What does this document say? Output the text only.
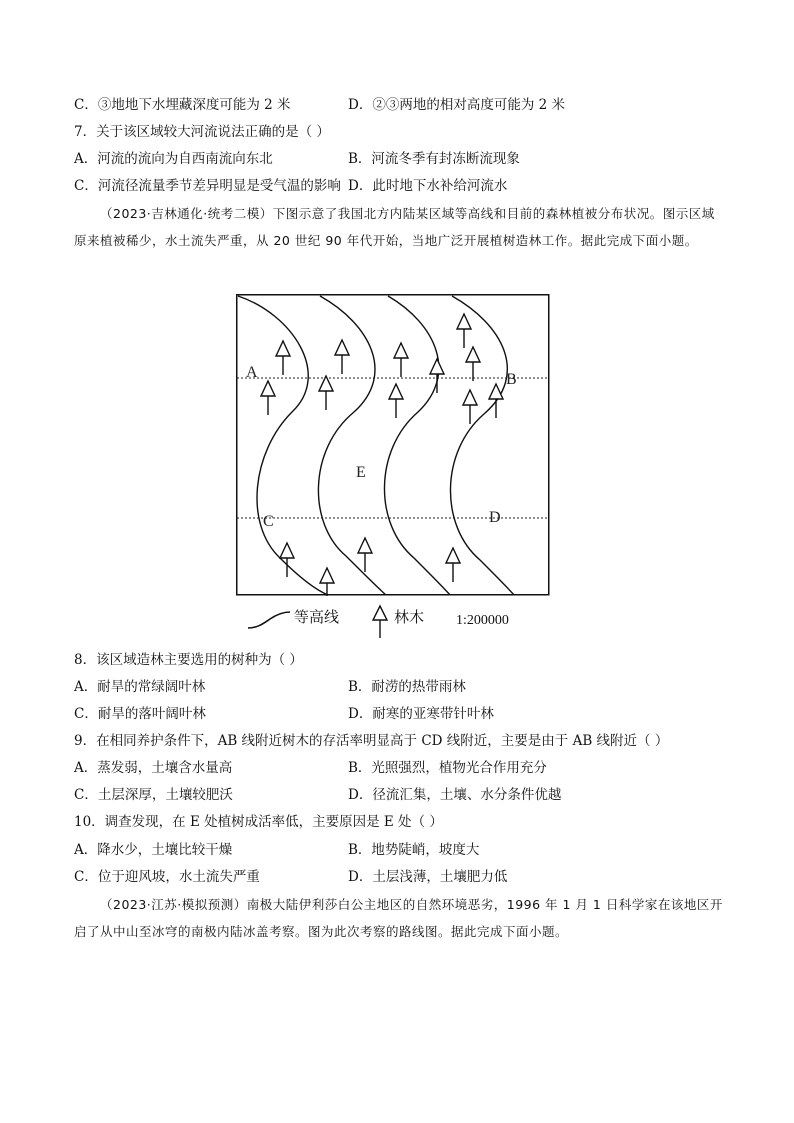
C．③地地下水埋藏深度可能为 2 米	D．②③两地的相对高度可能为 2 米
7．关于该区域较大河流说法正确的是（ ）
A．河流的流向为自西南流向东北	B．河流冬季有封冻断流现象
C．河流径流量季节差异明显是受气温的影响 D．此时地下水补给河流水
（2023·吉林通化·统考二模）下图示意了我国北方内陆某区域等高线和目前的森林植被分布状况。图示区域原来植被稀少，水土流失严重，从 20 世纪 90 年代开始，当地广泛开展植树造林工作。据此完成下面小题。
A	B
C	D
E
等高线	林木 1:200000
8．该区域造林主要选用的树种为（ ）
A．耐旱的常绿阔叶林	B．耐涝的热带雨林
C．耐旱的落叶阔叶林	D．耐寒的亚寒带针叶林
9．在相同养护条件下，AB 线附近树木的存活率明显高于 CD 线附近，主要是由于 AB 线附近（ ）
A．蒸发弱，土壤含水量高	B．光照强烈，植物光合作用充分
C．土层深厚，土壤较肥沃	D．径流汇集，土壤、水分条件优越
10．调查发现，在 E 处植树成活率低，主要原因是 E 处（ ）
A．降水少，土壤比较干燥	B．地势陡峭，坡度大
C．位于迎风坡，水土流失严重	D．土层浅薄，土壤肥力低
（2023·江苏·模拟预测）南极大陆伊利莎白公主地区的自然环境恶劣，1996 年 1 月 1 日科学家在该地区开启了从中山至冰穹的南极内陆冰盖考察。图为此次考察的路线图。据此完成下面小题。
